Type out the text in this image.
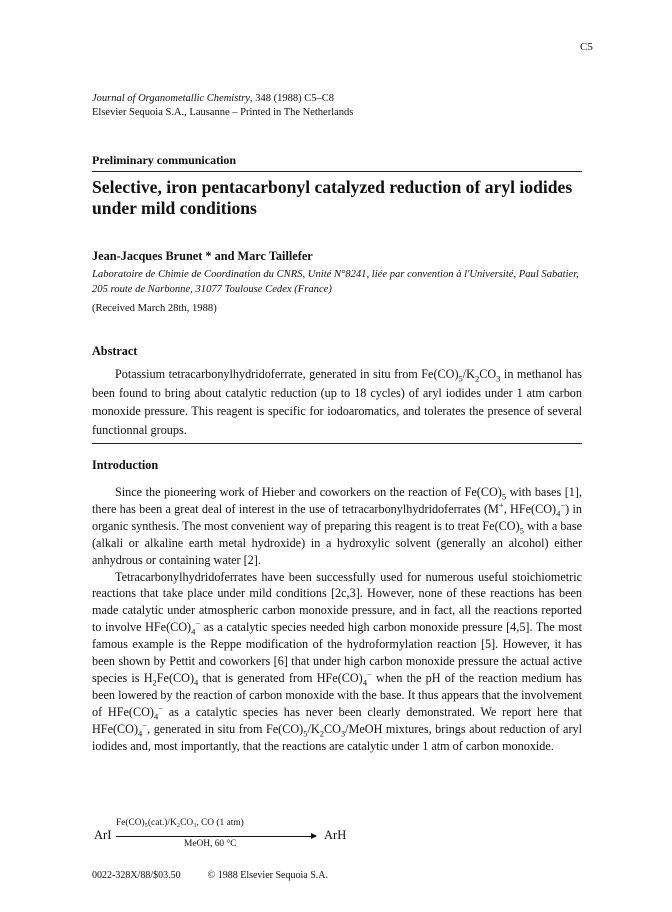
C5
Journal of Organometallic Chemistry, 348 (1988) C5–C8
Elsevier Sequoia S.A., Lausanne – Printed in The Netherlands
Preliminary communication
Selective, iron pentacarbonyl catalyzed reduction of aryl iodides under mild conditions
Jean-Jacques Brunet * and Marc Taillefer
Laboratoire de Chimie de Coordination du CNRS, Unité N°8241, liée par convention à l'Université, Paul Sabatier, 205 route de Narbonne, 31077 Toulouse Cedex (France)
(Received March 28th, 1988)
Abstract
Potassium tetracarbonylhydridoferrate, generated in situ from $Fe(CO)_5/K_2CO_3$ in methanol has been found to bring about catalytic reduction (up to 18 cycles) of aryl iodides under 1 atm carbon monoxide pressure. This reagent is specific for iodoaromatics, and tolerates the presence of several functionnal groups.
Introduction

Since the pioneering work of Hieber and coworkers on the reaction of $Fe(CO)_5$ with bases [1], there has been a great deal of interest in the use of tetracarbonylhydridoferrates (M+, $HFe(CO)_4^-$) in organic synthesis. The most convenient way of preparing this reagent is to treat $Fe(CO)_5$ with a base (alkali or alkaline earth metal hydroxide) in a hydroxylic solvent (generally an alcohol) either anhydrous or containing water [2].

Tetracarbonylhydridoferrates have been successfully used for numerous useful stoichiometric reactions that take place under mild conditions [2c,3]. However, none of these reactions has been made catalytic under atmospheric carbon monoxide pressure, and in fact, all the reactions reported to involve $HFe(CO)_4^-$ as a catalytic species needed high carbon monoxide pressure [4,5]. The most famous example is the Reppe modification of the hydroformylation reaction [5]. However, it has been shown by Pettit and coworkers [6] that under high carbon monoxide pressure the actual active species is $H_2Fe(CO)_4$ that is generated from $HFe(CO)_4^-$ when the pH of the reaction medium has been lowered by the reaction of carbon monoxide with the base. It thus appears that the involvement of $HFe(CO)_4^-$ as a catalytic species has never been clearly demonstrated. We report here that $HFe(CO)_4^-$, generated in situ from $Fe(CO)_5/K_2CO_3$/MeOH mixtures, brings about reduction of aryl iodides and, most importantly, that the reactions are catalytic under 1 atm of carbon monoxide.

ArI
Fe(CO)₅(cat.)/K₂CO₃, CO (1 atm)
MeOH, 60 °C
ArH
0022-328X/88/$03.50	© 1988 Elsevier Sequoia S.A.
